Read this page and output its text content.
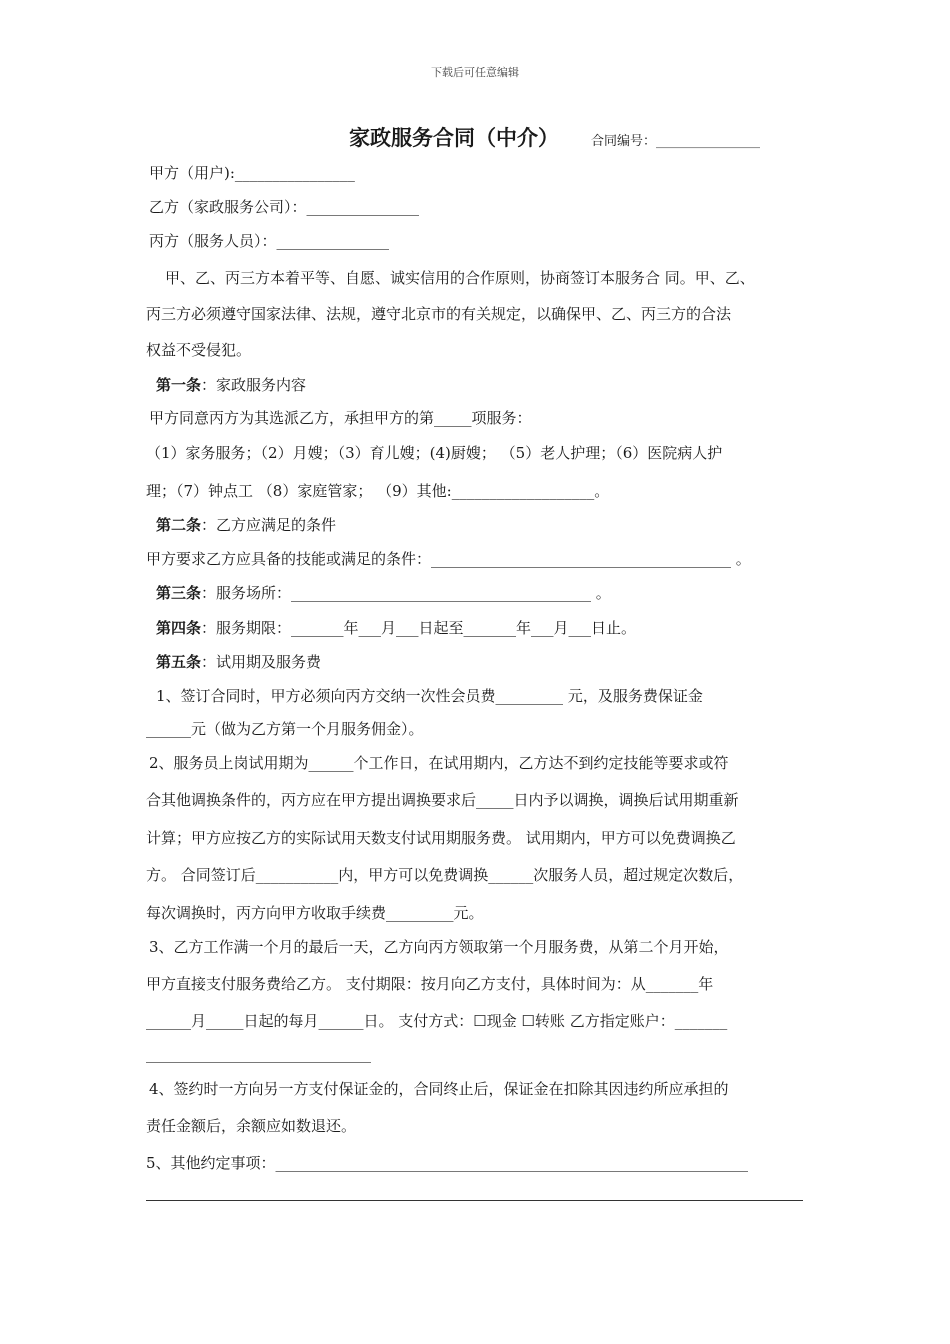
下载后可任意编辑
家政服务合同（中介） 合同编号：________________
甲方（用户):________________
乙方（家政服务公司）：_______________
丙方（服务人员）：_______________
甲、乙、丙三方本着平等、自愿、诚实信用的合作原则，协商签订本服务合 同。甲、乙、
丙三方必须遵守国家法律、法规，遵守北京市的有关规定，以确保甲、乙、丙三方的合法
权益不受侵犯。
第一条：家政服务内容
甲方同意丙方为其选派乙方，承担甲方的第_____项服务：
（1）家务服务；（2）月嫂；（3）育儿嫂；(4)厨嫂； （5）老人护理；（6）医院病人护
理；（7）钟点工 （8）家庭管家； （9）其他:___________________。
第二条：乙方应满足的条件
甲方要求乙方应具备的技能或满足的条件：________________________________________ 。
第三条：服务场所：________________________________________ 。
第四条：服务期限：_______年___月___日起至_______年___月___日止。
第五条：试用期及服务费
1、签订合同时，甲方必须向丙方交纳一次性会员费_________ 元，及服务费保证金
______元（做为乙方第一个月服务佣金）。
2、服务员上岗试用期为______个工作日，在试用期内，乙方达不到约定技能等要求或符
合其他调换条件的，丙方应在甲方提出调换要求后_____日内予以调换，调换后试用期重新
计算；甲方应按乙方的实际试用天数支付试用期服务费。 试用期内，甲方可以免费调换乙
方。 合同签订后___________内，甲方可以免费调换______次服务人员，超过规定次数后，
每次调换时，丙方向甲方收取手续费_________元。
3、乙方工作满一个月的最后一天，乙方向丙方领取第一个月服务费，从第二个月开始，
甲方直接支付服务费给乙方。 支付期限：按月向乙方支付，具体时间为：从_______年
______月_____日起的每月______日。 支付方式：☐现金 ☐转账 乙方指定账户：_______
______________________________
4、签约时一方向另一方支付保证金的，合同终止后，保证金在扣除其因违约所应承担的
责任金额后，余额应如数退还。
5、其他约定事项：_______________________________________________________________
